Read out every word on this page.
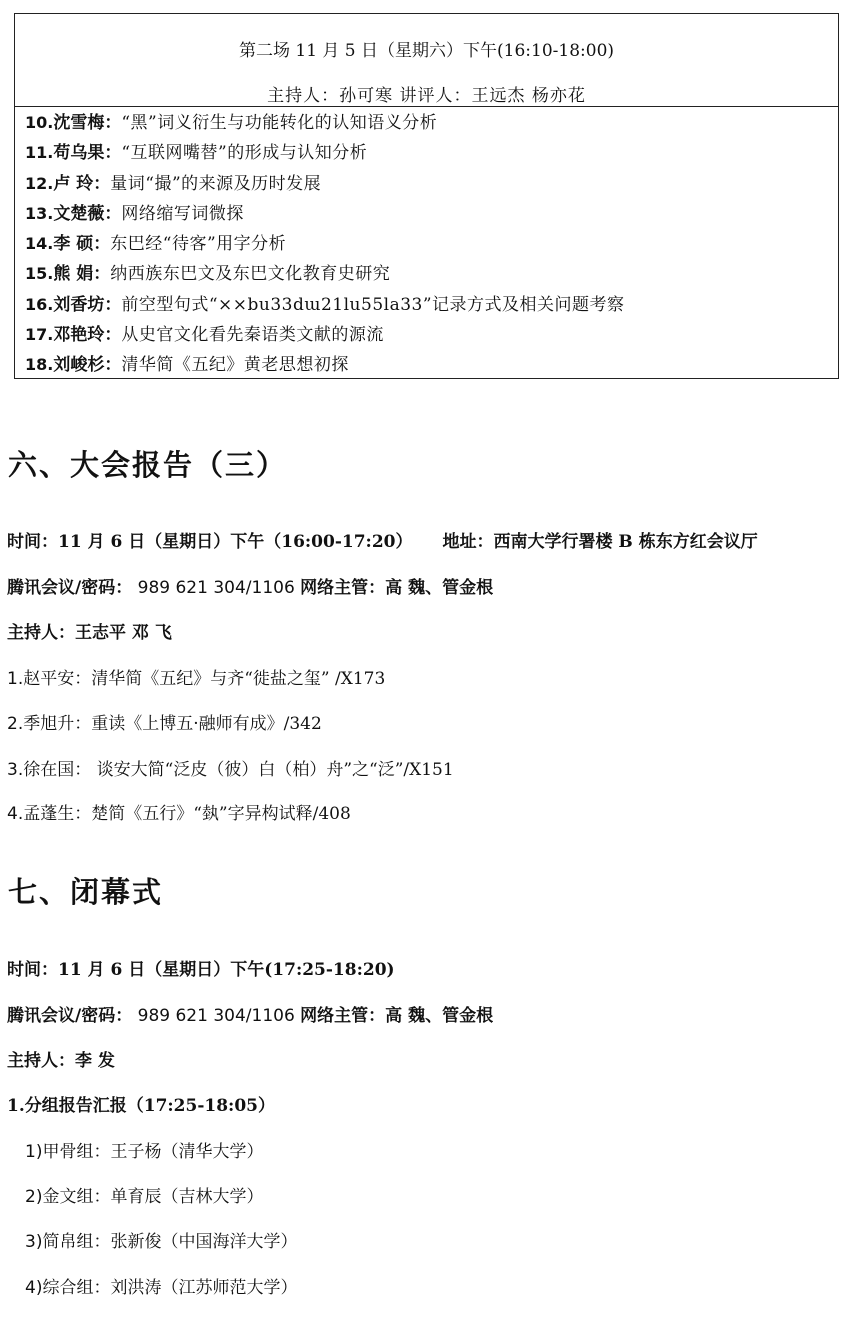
第二场 11 月 5 日（星期六）下午(16:10-18:00)
主持人：孙可寒 讲评人：王远杰 杨亦花
10.沈雪梅：“黑”词义衍生与功能转化的认知语义分析
11.苟乌果：“互联网嘴替”的形成与认知分析
12.卢 玲：量词“撮”的来源及历时发展
13.文楚薇：网络缩写词微探
14.李 硕：东巴经“待客”用字分析
15.熊 娟：纳西族东巴文及东巴文化教育史研究
16.刘香坊：前空型句式“××bu33dɯ21lu55la33”记录方式及相关问题考察
17.邓艳玲：从史官文化看先秦语类文献的源流
18.刘峻杉：清华简《五纪》黄老思想初探
六、大会报告（三）
时间：11 月 6 日（星期日）下午（16:00-17:20） 地址：西南大学行署楼 B 栋东方红会议厅
腾讯会议/密码： 989 621 304/1106 网络主管：高 魏、管金根
主持人：王志平 邓 飞
1.赵平安：清华简《五纪》与齐“徙盐之玺” /X173
2.季旭升：重读《上博五·融师有成》/342
3.徐在国： 谈安大简“泛皮（彼）白（柏）舟”之“泛”/X151
4.孟蓬生：楚简《五行》“埶”字异构试释/408
七、闭幕式
时间：11 月 6 日（星期日）下午(17:25-18:20)
腾讯会议/密码： 989 621 304/1106 网络主管：高 魏、管金根
主持人：李 发
1.分组报告汇报（17:25-18:05）
1)甲骨组：王子杨（清华大学）
2)金文组：单育辰（吉林大学）
3)简帛组：张新俊（中国海洋大学）
4)综合组：刘洪涛（江苏师范大学）
